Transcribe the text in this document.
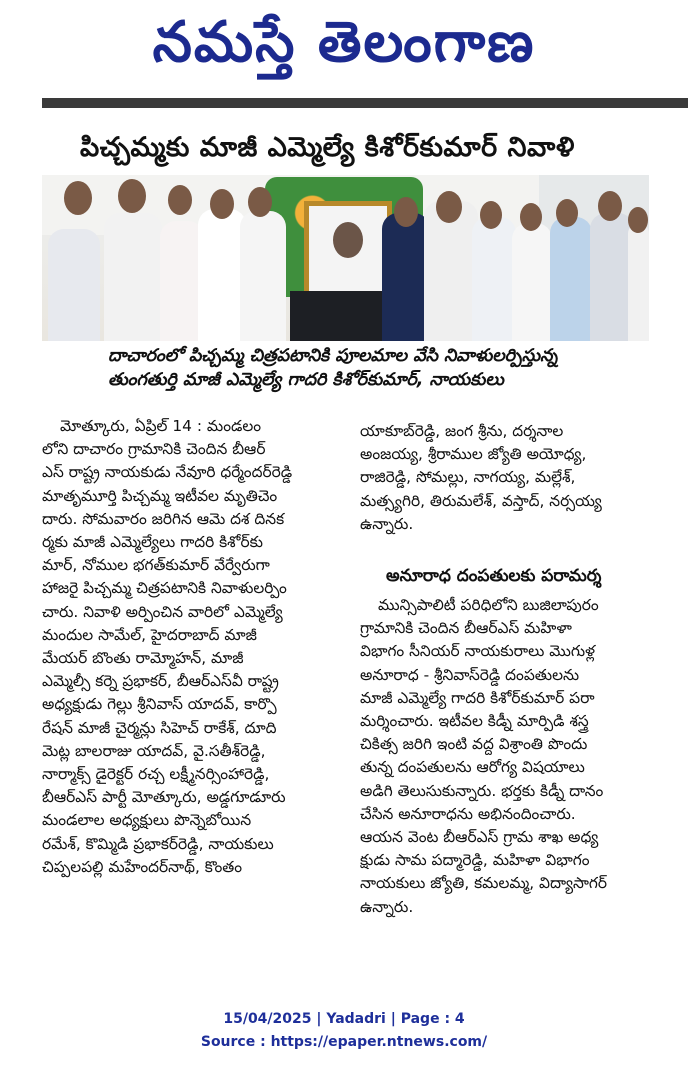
నమస్తే తెలంగాణ
పిచ్చమ్మకు మాజీ ఎమ్మెల్యే కిశోర్‌కుమార్ నివాళి
దాచారంలో పిచ్చమ్మ చిత్రపటానికి పూలమాల వేసి నివాళులర్పిస్తున్న
తుంగతుర్తి మాజీ ఎమ్మెల్యే గాదరి కిశోర్‌కుమార్, నాయకులు
మోత్కూరు, ఏప్రిల్ 14 : మండలం
లోని దాచారం గ్రామానికి చెందిన బీఆర్
ఎస్ రాష్ట్ర నాయకుడు నేవూరి ధర్మేందర్‌రెడ్డి
మాతృమూర్తి పిచ్చమ్మ ఇటీవల మృతిచెం
దారు. సోమవారం జరిగిన ఆమె దశ దినక
ర్మకు మాజీ ఎమ్మెల్యేలు గాదరి కిశోర్‌కు
మార్, నోముల భగత్‌కుమార్ వేర్వేరుగా
హాజరై పిచ్చమ్మ చిత్రపటానికి నివాళులర్పిం
చారు. నివాళి అర్పించిన వారిలో ఎమ్మెల్యే
మందుల సామేల్, హైదరాబాద్ మాజీ
మేయర్ బొంతు రామ్మోహన్, మాజీ
ఎమ్మెల్సీ కర్నె ప్రభాకర్, బీఆర్‌ఎస్‌వీ రాష్ట్ర
అధ్యక్షుడు గెల్లు శ్రీనివాస్ యాదవ్, కార్పొ
రేషన్ మాజీ చైర్మన్లు సిహెచ్ రాకేశ్, దూది
మెట్ల బాలరాజు యాదవ్, వై.సతీశ్‌రెడ్డి,
నార్మాక్స్ డైరెక్టర్ రచ్చ లక్ష్మీనర్సింహారెడ్డి,
బీఆర్‌ఎస్ పార్టీ మోత్కూరు, అడ్డగూడూరు
మండలాల అధ్యక్షులు పొన్నెబోయిన
రమేశ్, కొమ్మిడి ప్రభాకర్‌రెడ్డి, నాయకులు
చిప్పలపల్లి మహేందర్‌నాథ్, కొంతం
యాకూబ్‌రెడ్డి, జంగ శ్రీను, దర్శనాల
అంజయ్య, శ్రీరాముల జ్యోతి అయోధ్య,
రాజిరెడ్డి, సోమల్లు, నాగయ్య, మల్లేశ్,
మత్స్యగిరి, తిరుమలేశ్, వస్తాద్, నర్సయ్య
ఉన్నారు.
అనూరాధ దంపతులకు పరామర్శ
మున్సిపాలిటీ పరిధిలోని బుజిలాపురం
గ్రామానికి చెందిన బీఆర్‌ఎస్ మహిళా
విభాగం సీనియర్ నాయకురాలు మొగుళ్ల
అనూరాధ - శ్రీనివాస్‌రెడ్డి దంపతులను
మాజీ ఎమ్మెల్యే గాదరి కిశోర్‌కుమార్ పరా
మర్శించారు. ఇటీవల కిడ్నీ మార్పిడి శస్త్ర
చికిత్స జరిగి ఇంటి వద్ద విశ్రాంతి పొందు
తున్న దంపతులను ఆరోగ్య విషయాలు
అడిగి తెలుసుకున్నారు. భర్తకు కిడ్నీ దానం
చేసిన అనూరాధను అభినందించారు.
ఆయన వెంట బీఆర్‌ఎస్ గ్రామ శాఖ అధ్య
క్షుడు సామ పద్మారెడ్డి, మహిళా విభాగం
నాయకులు జ్యోతి, కమలమ్మ, విద్యాసాగర్
ఉన్నారు.
15/04/2025 | Yadadri | Page : 4
Source : https://epaper.ntnews.com/
